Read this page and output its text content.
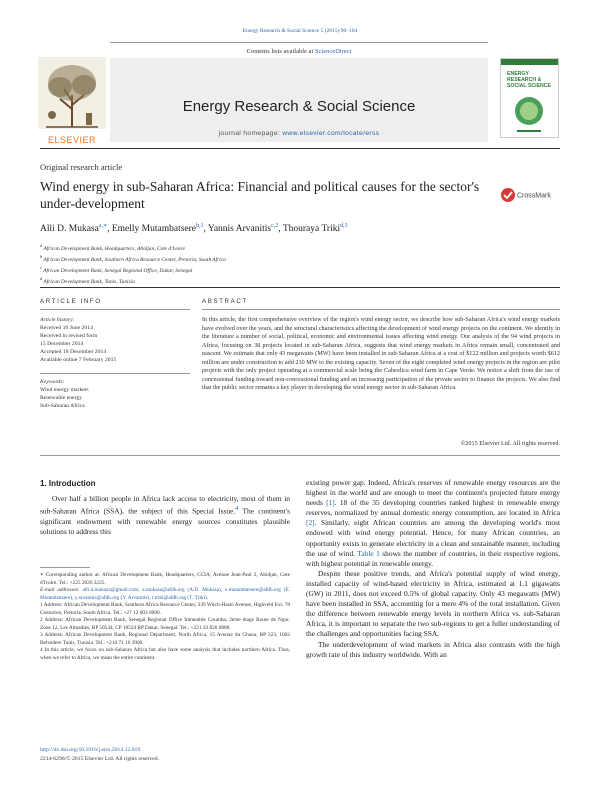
Energy Research & Social Science 5 (2015) 90–104
Contents lists available at ScienceDirect
Energy Research & Social Science
journal homepage: www.elsevier.com/locate/erss
ELSEVIER
ENERGY
RESEARCH &
SOCIAL SCIENCE
Original research article
Wind energy in sub-Saharan Africa: Financial and political causes for the sector's under-development	CrossMark
Alli D. Mukasa$^{a,∗}$, Emelly Mutambatsere$^{b,1}$, Yannis Arvanitis$^{c,2}$, Thouraya Triki$^{d,3}$
$^a$ African Development Bank, Headquarters, Abidjan, Cote d'Ivoire
$^b$ African Development Bank, Southern Africa Resource Center, Pretoria, South Africa
$^c$ African Development Bank, Senegal Regional Office, Dakar, Senegal
$^d$ African Development Bank, Tunis, Tunisia
ARTICLE INFO	ABSTRACT
Article history:
Received 16 June 2014
Received in revised form
15 December 2014
Accepted 18 December 2014
Available online 7 February 2015
Keywords:
Wind energy markets
Renewable energy
Sub-Saharan Africa
In this article, the first comprehensive overview of the region's wind energy sector, we describe how sub-Saharan Africa's wind energy markets have evolved over the years, and the structural characteristics affecting the development of wind energy projects on the continent. We identify in the literature a number of social, political, economic and environmental issues affecting wind energy. Our analysis of the 94 wind projects in Africa, focusing on 38 projects located in sub-Saharan Africa, suggests that wind energy markets in Africa remain small, concentrated and nascent. We estimate that only 43 megawatts (MW) have been installed in sub-Saharan Africa at a cost of $122 million and projects worth $612 million are under construction to add 230 MW to the existing capacity. Seven of the eight completed wind energy projects in the region are pilot projects with the only project operating at a commercial scale being the Cabeolica wind farm in Cape Verde. We notice a shift from the use of concessional funding toward non-concessional funding and an increasing participation of the private sector to finance the projects. We also find that the public sector remains a key player in developing the wind energy sector in sub-Saharan Africa.
©2015 Elsevier Ltd. All rights reserved.
1. Introduction

Over half a billion people in Africa lack access to electricity, most of them in sub-Saharan Africa (SSA), the subject of this Special Issue.$^4$ The continent's significant endowment with renewable energy sources constitutes plausible solutions to address this

∗ Corresponding author at: African Development Bank, Headquarters, CCIA, Avenue Jean-Paul 2, Abidjan, Cote d'Ivoire. Tel.: +225 2026 3225.

E-mail addresses: alli.d.mukasa@gmail.com, a.mukasa@afdb.org (A.D. Mukasa), e.mutambatsere@afdb.org (E. Mutambatsere), y.arvanitis@afdb.org (Y. Arvanitis), t.triki@afdb.org (T. Triki).

1 Address: African Development Bank, Southern Africa Resource Center, 339 Witch-Hazel Avenue, Highveld Ext. 78 Centurion, Pretoria, South Africa. Tel.: +27 12 003 6900.

2 Address: African Development Bank, Senegal Regional Office Immeuble Coumba, 2eme étage Route de Ngor, Zone 12, Les Almadies, BP 50544, CP 18524 RP Dakar, Senegal. Tel.: +221 33 820 0888.

3 Address: African Development Bank, Regional Department, North Africa, 15 Avenue du Ghana, BP 323, 1002 Belvedere Tunis, Tunisia. Tel.: +216 71 10 3900.

4 In this article, we focus on sub-Saharan Africa but also have some analysis that includes northern Africa. Thus, when we refer to Africa, we mean the entire continent.

existing power gap. Indeed, Africa's reserves of renewable energy resources are the highest in the world and are enough to meet the continent's projected future energy needs [1]. 18 of the 35 developing countries ranked highest in renewable energy reserves, normalized by annual domestic energy consumption, are located in Africa [2]. Similarly, eight African countries are among the developing world's most endowed with wind energy potential. Hence, for many African countries, an opportunity exists to generate electricity in a clean and sustainable manner, including the use of wind. Table 1 shows the number of countries, in their respective regions, with highest potential in renewable energy.

Despite these positive trends, and Africa's potential supply of wind energy, installed capacity of wind-based electricity in Africa, estimated at 1.1 gigawatts (GW) in 2011, does not exceed 0.5% of global capacity. Only 43 megawatts (MW) have been installed in SSA, accounting for a mere 4% of the total installation. Given the difference between renewable energy levels in northern Africa vs. sub-Saharan Africa, it is important to separate the two sub-regions to get a fuller understanding of the challenges and opportunities facing SSA.

The underdevelopment of wind markets in Africa also contrasts with the high growth rate of this industry worldwide. With an

http://dx.doi.org/10.1016/j.erss.2014.12.019
2214-6296/© 2015 Elsevier Ltd. All rights reserved.
